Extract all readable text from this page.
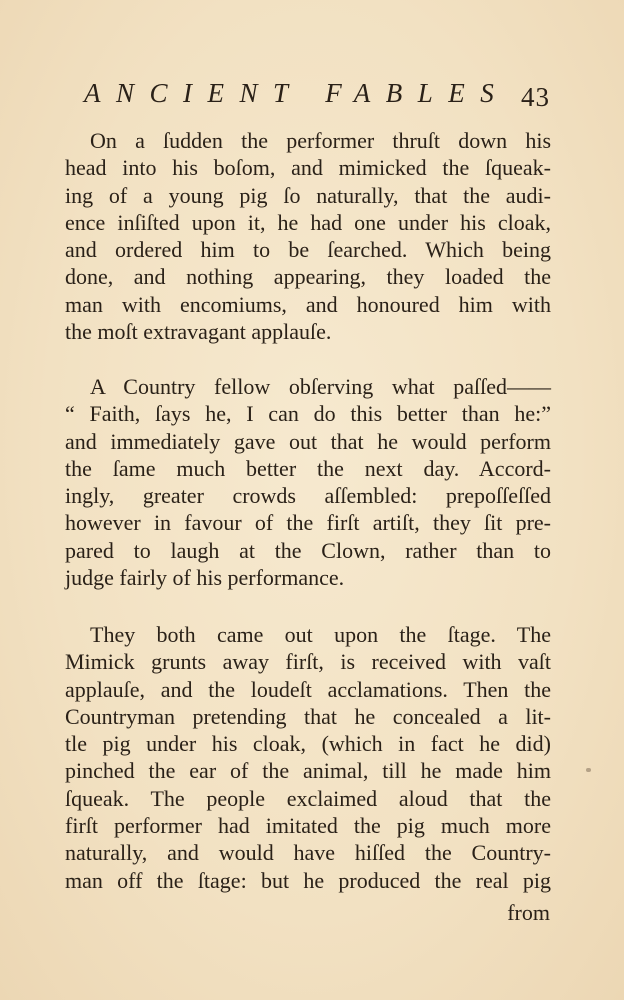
ANCIENT FABLES 43
On a ſudden the performer thruſt down his
head into his boſom, and mimicked the ſqueak-
ing of a young pig ſo naturally, that the audi-
ence inſiſted upon it, he had one under his cloak,
and ordered him to be ſearched. Which being
done, and nothing appearing, they loaded the
man with encomiums, and honoured him with
the moſt extravagant applauſe.
A Country fellow obſerving what paſſed——
“ Faith, ſays he, I can do this better than he:”
and immediately gave out that he would perform
the ſame much better the next day. Accord-
ingly, greater crowds aſſembled: prepoſſeſſed
however in favour of the firſt artiſt, they ſit pre-
pared to laugh at the Clown, rather than to
judge fairly of his performance.
They both came out upon the ſtage. The
Mimick grunts away firſt, is received with vaſt
applauſe, and the loudeſt acclamations. Then the
Countryman pretending that he concealed a lit-
tle pig under his cloak, (which in fact he did)
pinched the ear of the animal, till he made him
ſqueak. The people exclaimed aloud that the
firſt performer had imitated the pig much more
naturally, and would have hiſſed the Country-
man off the ſtage: but he produced the real pig
from
